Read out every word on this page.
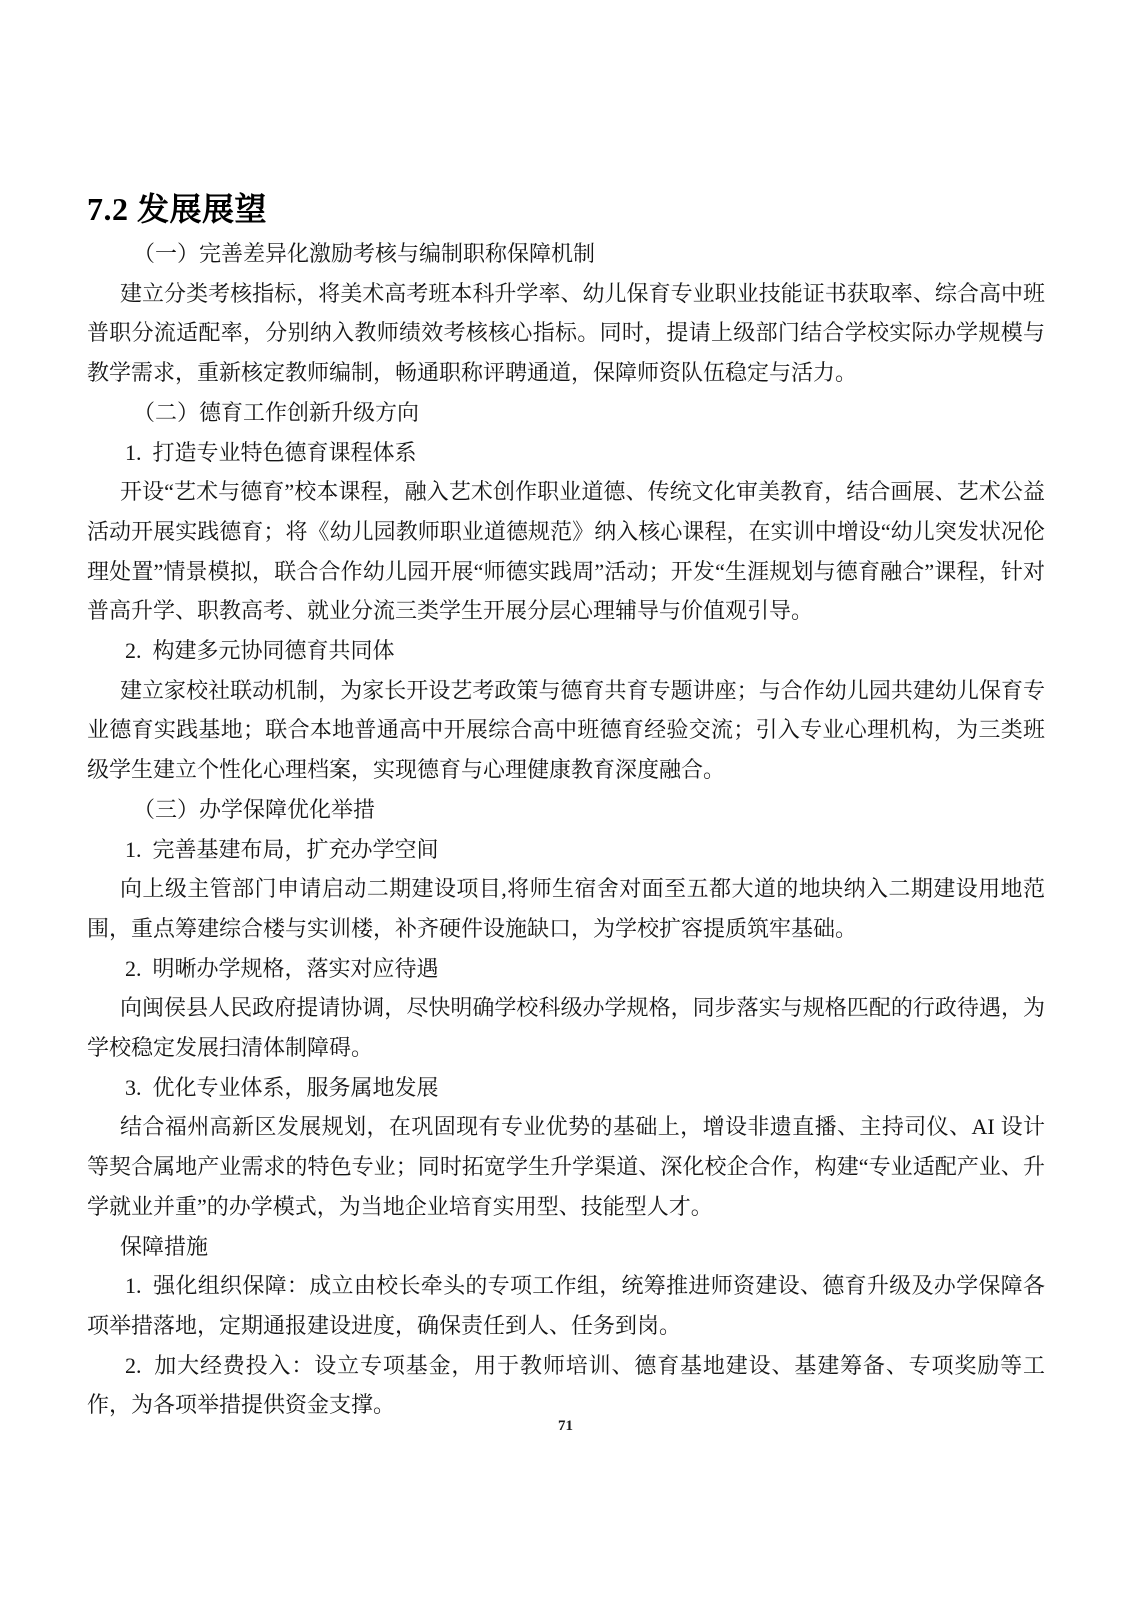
7.2 发展展望

（一）完善差异化激励考核与编制职称保障机制

建立分类考核指标，将美术高考班本科升学率、幼儿保育专业职业技能证书获取率、综合高中班普职分流适配率，分别纳入教师绩效考核核心指标。同时，提请上级部门结合学校实际办学规模与教学需求，重新核定教师编制，畅通职称评聘通道，保障师资队伍稳定与活力。

（二）德育工作创新升级方向

1.  打造专业特色德育课程体系

开设“艺术与德育”校本课程，融入艺术创作职业道德、传统文化审美教育，结合画展、艺术公益活动开展实践德育；将《幼儿园教师职业道德规范》纳入核心课程，在实训中增设“幼儿突发状况伦理处置”情景模拟，联合合作幼儿园开展“师德实践周”活动；开发“生涯规划与德育融合”课程，针对普高升学、职教高考、就业分流三类学生开展分层心理辅导与价值观引导。

2.  构建多元协同德育共同体

建立家校社联动机制，为家长开设艺考政策与德育共育专题讲座；与合作幼儿园共建幼儿保育专业德育实践基地；联合本地普通高中开展综合高中班德育经验交流；引入专业心理机构，为三类班级学生建立个性化心理档案，实现德育与心理健康教育深度融合。

（三）办学保障优化举措

1.  完善基建布局，扩充办学空间

向上级主管部门申请启动二期建设项目,将师生宿舍对面至五都大道的地块纳入二期建设用地范围，重点筹建综合楼与实训楼，补齐硬件设施缺口，为学校扩容提质筑牢基础。

2.  明晰办学规格，落实对应待遇

向闽侯县人民政府提请协调，尽快明确学校科级办学规格，同步落实与规格匹配的行政待遇，为学校稳定发展扫清体制障碍。

3.  优化专业体系，服务属地发展

结合福州高新区发展规划，在巩固现有专业优势的基础上，增设非遗直播、主持司仪、AI 设计等契合属地产业需求的特色专业；同时拓宽学生升学渠道、深化校企合作，构建“专业适配产业、升学就业并重”的办学模式，为当地企业培育实用型、技能型人才。

保障措施

1.  强化组织保障：成立由校长牵头的专项工作组，统筹推进师资建设、德育升级及办学保障各项举措落地，定期通报建设进度，确保责任到人、任务到岗。

2.  加大经费投入：设立专项基金，用于教师培训、德育基地建设、基建筹备、专项奖励等工作，为各项举措提供资金支撑。

71
